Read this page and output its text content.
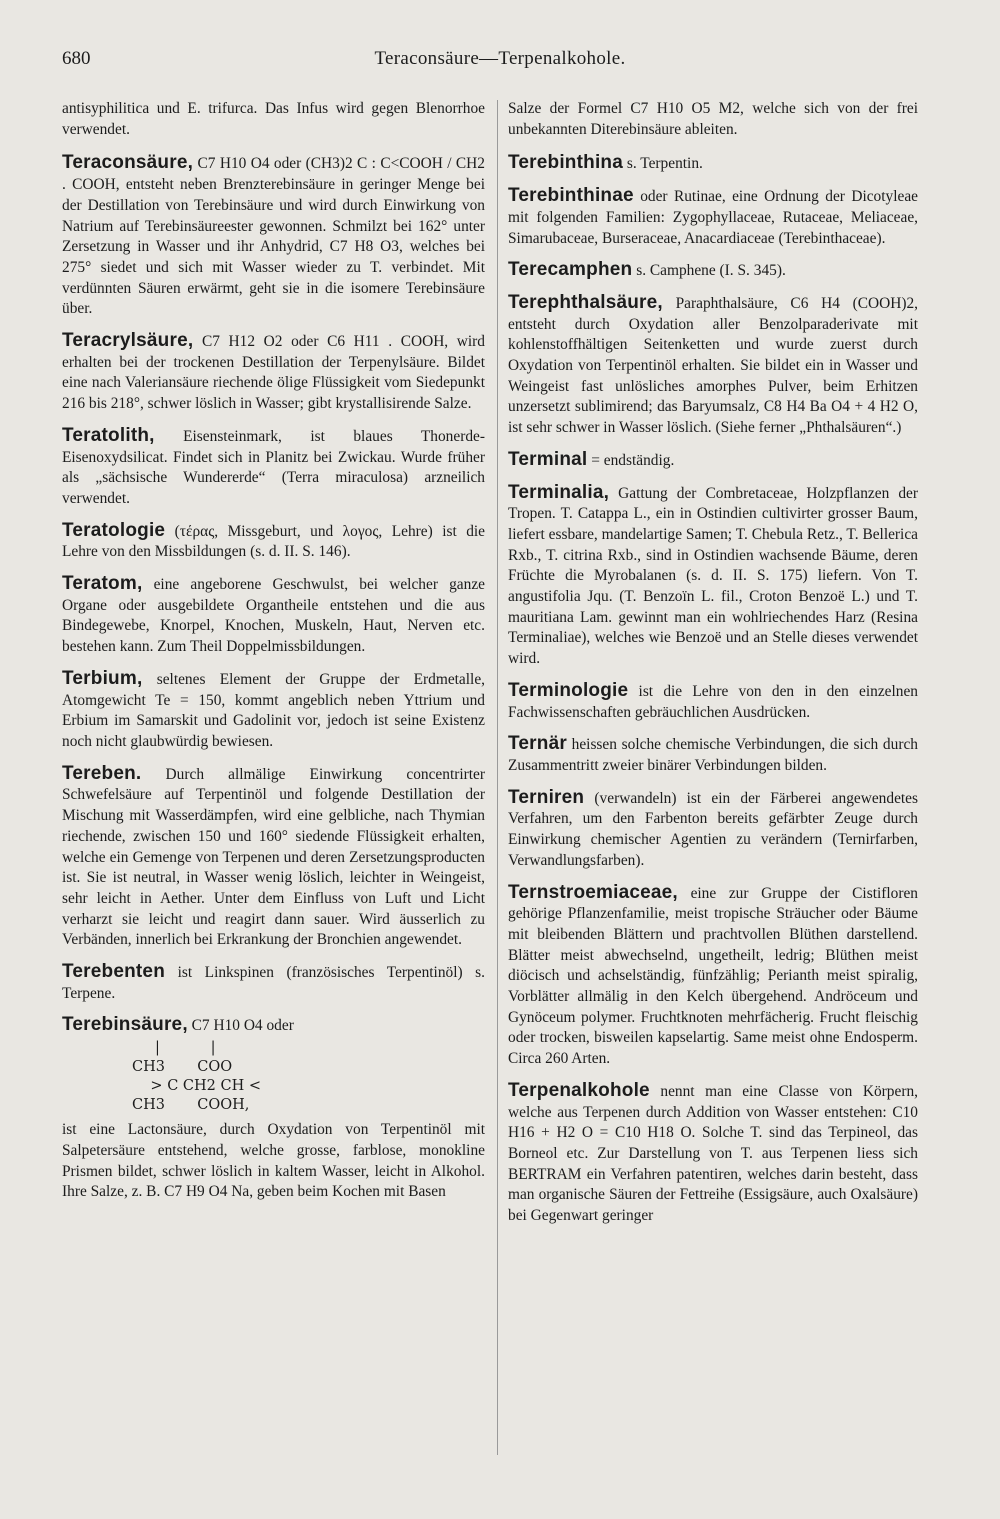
680	Teraconsäure—Terpenalkohole.

antisyphilitica und E. trifurca. Das Infus wird gegen Blenorrhoe verwendet.

Teraconsäure, C7 H10 O4 oder (CH3)2 C : C<COOH / CH2 . COOH, entsteht neben Brenzterebinsäure in geringer Menge bei der Destillation von Terebinsäure und wird durch Einwirkung von Natrium auf Terebinsäureester gewonnen. Schmilzt bei 162° unter Zersetzung in Wasser und ihr Anhydrid, C7 H8 O3, welches bei 275° siedet und sich mit Wasser wieder zu T. verbindet. Mit verdünnten Säuren erwärmt, geht sie in die isomere Terebinsäure über.

Teracrylsäure, C7 H12 O2 oder C6 H11 . COOH, wird erhalten bei der trockenen Destillation der Terpenylsäure. Bildet eine nach Valeriansäure riechende ölige Flüssigkeit vom Siedepunkt 216 bis 218°, schwer löslich in Wasser; gibt krystallisirende Salze.

Teratolith, Eisensteinmark, ist blaues Thonerde-Eisenoxydsilicat. Findet sich in Planitz bei Zwickau. Wurde früher als „sächsische Wundererde“ (Terra miraculosa) arzneilich verwendet.

Teratologie (τέρας, Missgeburt, und λογος, Lehre) ist die Lehre von den Missbildungen (s. d. II. S. 146).

Teratom, eine angeborene Geschwulst, bei welcher ganze Organe oder ausgebildete Organtheile entstehen und die aus Bindegewebe, Knorpel, Knochen, Muskeln, Haut, Nerven etc. bestehen kann. Zum Theil Doppelmissbildungen.

Terbium, seltenes Element der Gruppe der Erdmetalle, Atomgewicht Te = 150, kommt angeblich neben Yttrium und Erbium im Samarskit und Gadolinit vor, jedoch ist seine Existenz noch nicht glaubwürdig bewiesen.

Tereben. Durch allmälige Einwirkung concentrirter Schwefelsäure auf Terpentinöl und folgende Destillation der Mischung mit Wasserdämpfen, wird eine gelbliche, nach Thymian riechende, zwischen 150 und 160° siedende Flüssigkeit erhalten, welche ein Gemenge von Terpenen und deren Zersetzungsproducten ist. Sie ist neutral, in Wasser wenig löslich, leichter in Weingeist, sehr leicht in Aether. Unter dem Einfluss von Luft und Licht verharzt sie leicht und reagirt dann sauer. Wird äusserlich zu Verbänden, innerlich bei Erkrankung der Bronchien angewendet.

Terebenten ist Linkspinen (französisches Terpentinöl) s. Terpene.

Terebinsäure, C7 H10 O4 oder

|           |
CH3       COO
> C CH2 CH <
CH3       COOH,

ist eine Lactonsäure, durch Oxydation von Terpentinöl mit Salpetersäure entstehend, welche grosse, farblose, monokline Prismen bildet, schwer löslich in kaltem Wasser, leicht in Alkohol. Ihre Salze, z. B. C7 H9 O4 Na, geben beim Kochen mit Basen

Salze der Formel C7 H10 O5 M2, welche sich von der frei unbekannten Diterebinsäure ableiten.

Terebinthina s. Terpentin.

Terebinthinae oder Rutinae, eine Ordnung der Dicotyleae mit folgenden Familien: Zygophyllaceae, Rutaceae, Meliaceae, Simarubaceae, Burseraceae, Anacardiaceae (Terebinthaceae).

Terecamphen s. Camphene (I. S. 345).

Terephthalsäure, Paraphthalsäure, C6 H4 (COOH)2, entsteht durch Oxydation aller Benzolparaderivate mit kohlenstoffhältigen Seitenketten und wurde zuerst durch Oxydation von Terpentinöl erhalten. Sie bildet ein in Wasser und Weingeist fast unlösliches amorphes Pulver, beim Erhitzen unzersetzt sublimirend; das Baryumsalz, C8 H4 Ba O4 + 4 H2 O, ist sehr schwer in Wasser löslich. (Siehe ferner „Phthalsäuren“.)

Terminal = endständig.

Terminalia, Gattung der Combretaceae, Holzpflanzen der Tropen. T. Catappa L., ein in Ostindien cultivirter grosser Baum, liefert essbare, mandelartige Samen; T. Chebula Retz., T. Bellerica Rxb., T. citrina Rxb., sind in Ostindien wachsende Bäume, deren Früchte die Myrobalanen (s. d. II. S. 175) liefern. Von T. angustifolia Jqu. (T. Benzoïn L. fil., Croton Benzoë L.) und T. mauritiana Lam. gewinnt man ein wohlriechendes Harz (Resina Terminaliae), welches wie Benzoë und an Stelle dieses verwendet wird.

Terminologie ist die Lehre von den in den einzelnen Fachwissenschaften gebräuchlichen Ausdrücken.

Ternär heissen solche chemische Verbindungen, die sich durch Zusammentritt zweier binärer Verbindungen bilden.

Terniren (verwandeln) ist ein der Färberei angewendetes Verfahren, um den Farbenton bereits gefärbter Zeuge durch Einwirkung chemischer Agentien zu verändern (Ternirfarben, Verwandlungsfarben).

Ternstroemiaceae, eine zur Gruppe der Cistifloren gehörige Pflanzenfamilie, meist tropische Sträucher oder Bäume mit bleibenden Blättern und prachtvollen Blüthen darstellend. Blätter meist abwechselnd, ungetheilt, ledrig; Blüthen meist diöcisch und achselständig, fünfzählig; Perianth meist spiralig, Vorblätter allmälig in den Kelch übergehend. Andröceum und Gynöceum polymer. Fruchtknoten mehrfächerig. Frucht fleischig oder trocken, bisweilen kapselartig. Same meist ohne Endosperm. Circa 260 Arten.

Terpenalkohole nennt man eine Classe von Körpern, welche aus Terpenen durch Addition von Wasser entstehen: C10 H16 + H2 O = C10 H18 O. Solche T. sind das Terpineol, das Borneol etc. Zur Darstellung von T. aus Terpenen liess sich BERTRAM ein Verfahren patentiren, welches darin besteht, dass man organische Säuren der Fettreihe (Essigsäure, auch Oxalsäure) bei Gegenwart geringer
